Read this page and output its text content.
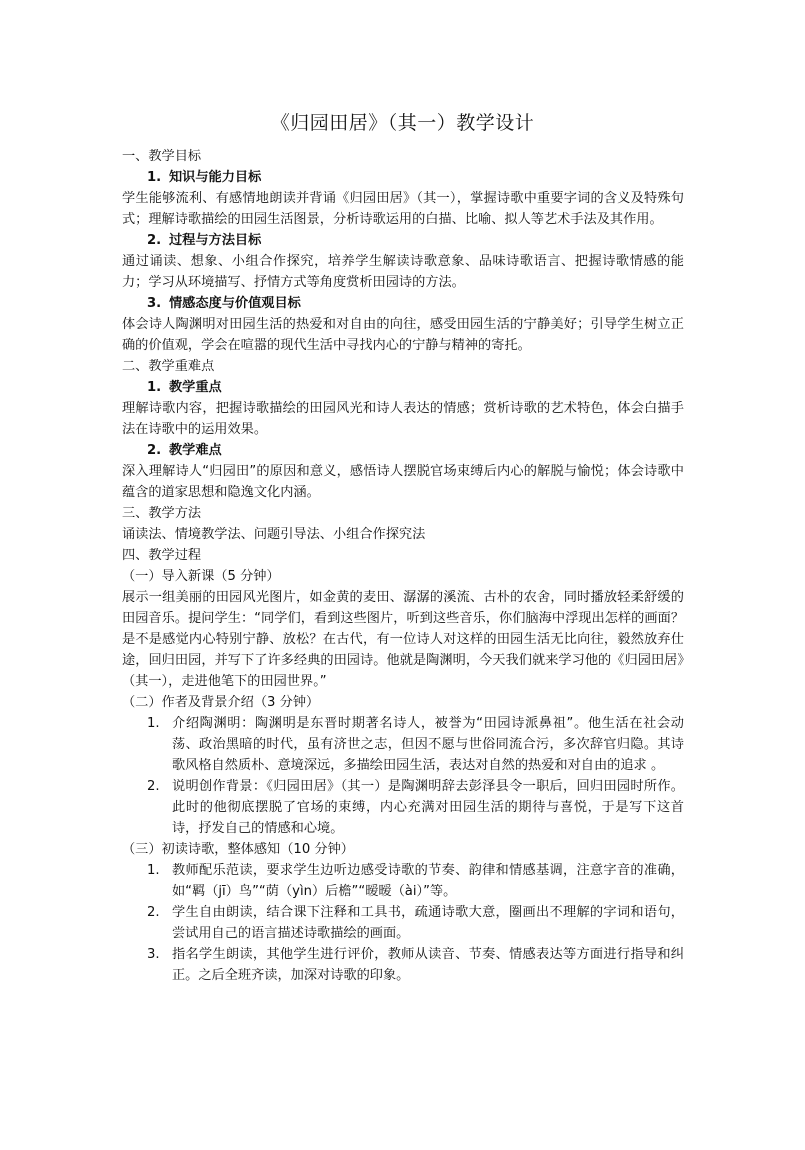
《归园田居》（其一）教学设计

一、教学目标

1. 知识与能力目标

学生能够流利、有感情地朗读并背诵《归园田居》（其一），掌握诗歌中重要字词的含义及特殊句式；理解诗歌描绘的田园生活图景，分析诗歌运用的白描、比喻、拟人等艺术手法及其作用。

2. 过程与方法目标

通过诵读、想象、小组合作探究，培养学生解读诗歌意象、品味诗歌语言、把握诗歌情感的能力；学习从环境描写、抒情方式等角度赏析田园诗的方法。

3. 情感态度与价值观目标

体会诗人陶渊明对田园生活的热爱和对自由的向往，感受田园生活的宁静美好；引导学生树立正确的价值观，学会在喧嚣的现代生活中寻找内心的宁静与精神的寄托。

二、教学重难点

1. 教学重点

理解诗歌内容，把握诗歌描绘的田园风光和诗人表达的情感；赏析诗歌的艺术特色，体会白描手法在诗歌中的运用效果。

2. 教学难点

深入理解诗人“归园田”的原因和意义，感悟诗人摆脱官场束缚后内心的解脱与愉悦；体会诗歌中蕴含的道家思想和隐逸文化内涵。

三、教学方法

诵读法、情境教学法、问题引导法、小组合作探究法

四、教学过程

（一）导入新课（5 分钟）

展示一组美丽的田园风光图片，如金黄的麦田、潺潺的溪流、古朴的农舍，同时播放轻柔舒缓的田园音乐。提问学生：“同学们，看到这些图片，听到这些音乐，你们脑海中浮现出怎样的画面？是不是感觉内心特别宁静、放松？在古代，有一位诗人对这样的田园生活无比向往，毅然放弃仕途，回归田园，并写下了许多经典的田园诗。他就是陶渊明，今天我们就来学习他的《归园田居》（其一），走进他笔下的田园世界。”

（二）作者及背景介绍（3 分钟）

1. 介绍陶渊明：陶渊明是东晋时期著名诗人，被誉为“田园诗派鼻祖”。他生活在社会动荡、政治黑暗的时代，虽有济世之志，但因不愿与世俗同流合污，多次辞官归隐。其诗歌风格自然质朴、意境深远，多描绘田园生活，表达对自然的热爱和对自由的追求 。
2. 说明创作背景：《归园田居》（其一）是陶渊明辞去彭泽县令一职后，回归田园时所作。此时的他彻底摆脱了官场的束缚，内心充满对田园生活的期待与喜悦，于是写下这首诗，抒发自己的情感和心境。

（三）初读诗歌，整体感知（10 分钟）

1. 教师配乐范读，要求学生边听边感受诗歌的节奏、韵律和情感基调，注意字音的准确，如“羁（jī）鸟”“荫（yìn）后檐”“暧暧（ài）”等。
2. 学生自由朗读，结合课下注释和工具书，疏通诗歌大意，圈画出不理解的字词和语句，尝试用自己的语言描述诗歌描绘的画面。
3. 指名学生朗读，其他学生进行评价，教师从读音、节奏、情感表达等方面进行指导和纠正。之后全班齐读，加深对诗歌的印象。
